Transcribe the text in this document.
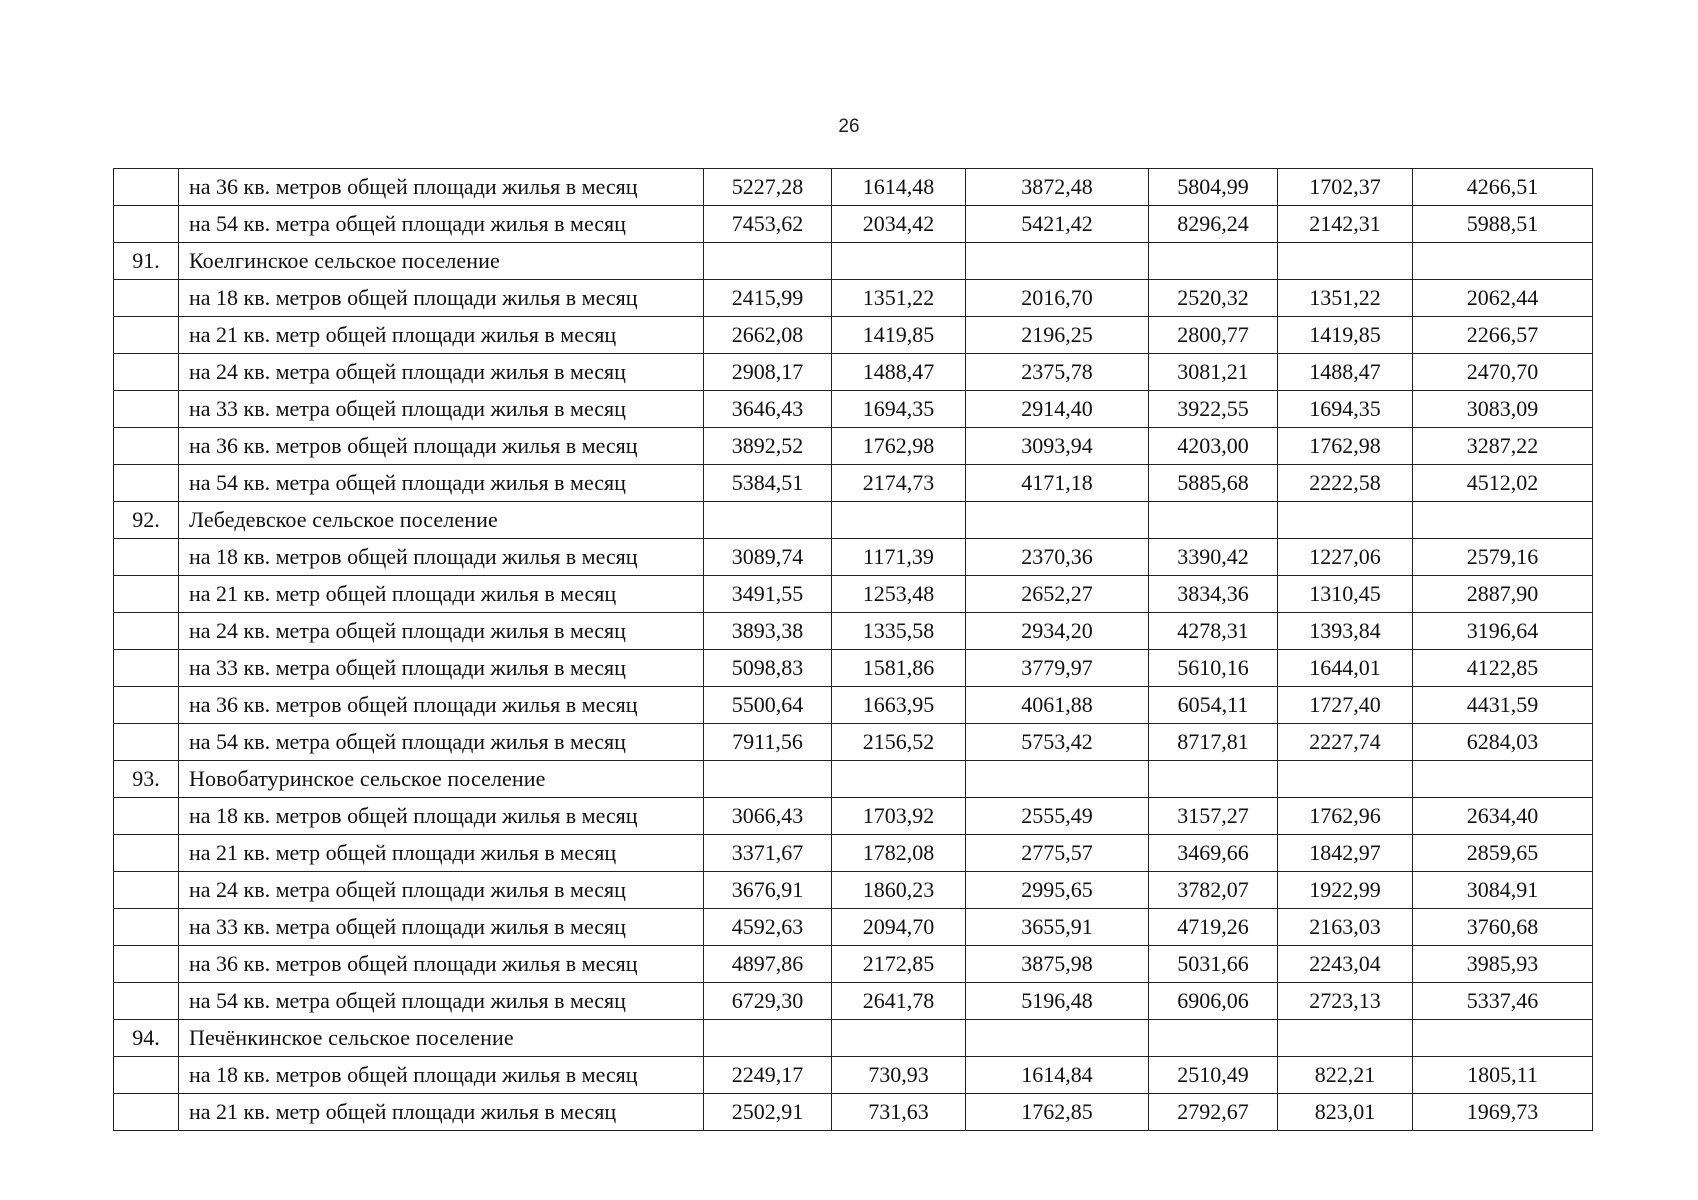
26
	на 36 кв. метров общей площади жилья в месяц	5227,28	1614,48	3872,48	5804,99	1702,37	4266,51
	на 54 кв. метра общей площади жилья в месяц	7453,62	2034,42	5421,42	8296,24	2142,31	5988,51
91.	Коелгинское сельское поселение						
	на 18 кв. метров общей площади жилья в месяц	2415,99	1351,22	2016,70	2520,32	1351,22	2062,44
	на 21 кв. метр общей площади жилья в месяц	2662,08	1419,85	2196,25	2800,77	1419,85	2266,57
	на 24 кв. метра общей площади жилья в месяц	2908,17	1488,47	2375,78	3081,21	1488,47	2470,70
	на 33 кв. метра общей площади жилья в месяц	3646,43	1694,35	2914,40	3922,55	1694,35	3083,09
	на 36 кв. метров общей площади жилья в месяц	3892,52	1762,98	3093,94	4203,00	1762,98	3287,22
	на 54 кв. метра общей площади жилья в месяц	5384,51	2174,73	4171,18	5885,68	2222,58	4512,02
92.	Лебедевское сельское поселение						
	на 18 кв. метров общей площади жилья в месяц	3089,74	1171,39	2370,36	3390,42	1227,06	2579,16
	на 21 кв. метр общей площади жилья в месяц	3491,55	1253,48	2652,27	3834,36	1310,45	2887,90
	на 24 кв. метра общей площади жилья в месяц	3893,38	1335,58	2934,20	4278,31	1393,84	3196,64
	на 33 кв. метра общей площади жилья в месяц	5098,83	1581,86	3779,97	5610,16	1644,01	4122,85
	на 36 кв. метров общей площади жилья в месяц	5500,64	1663,95	4061,88	6054,11	1727,40	4431,59
	на 54 кв. метра общей площади жилья в месяц	7911,56	2156,52	5753,42	8717,81	2227,74	6284,03
93.	Новобатуринское сельское поселение						
	на 18 кв. метров общей площади жилья в месяц	3066,43	1703,92	2555,49	3157,27	1762,96	2634,40
	на 21 кв. метр общей площади жилья в месяц	3371,67	1782,08	2775,57	3469,66	1842,97	2859,65
	на 24 кв. метра общей площади жилья в месяц	3676,91	1860,23	2995,65	3782,07	1922,99	3084,91
	на 33 кв. метра общей площади жилья в месяц	4592,63	2094,70	3655,91	4719,26	2163,03	3760,68
	на 36 кв. метров общей площади жилья в месяц	4897,86	2172,85	3875,98	5031,66	2243,04	3985,93
	на 54 кв. метра общей площади жилья в месяц	6729,30	2641,78	5196,48	6906,06	2723,13	5337,46
94.	Печёнкинское сельское поселение						
	на 18 кв. метров общей площади жилья в месяц	2249,17	730,93	1614,84	2510,49	822,21	1805,11
	на 21 кв. метр общей площади жилья в месяц	2502,91	731,63	1762,85	2792,67	823,01	1969,73
